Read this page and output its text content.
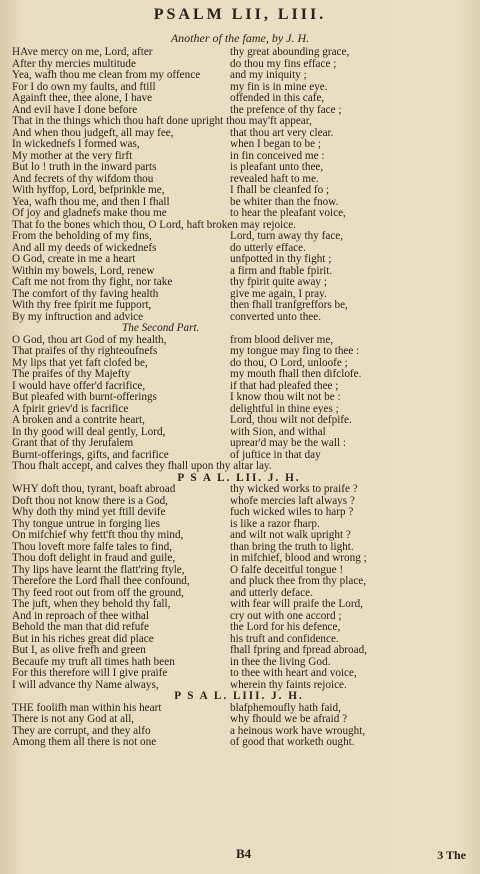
PSALM LII, LIII.
Another of the fame, by J. H.
HAve mercy on me, Lord, after	thy great abounding grace,
After thy mercies multitude	do thou my fins efface ;
Yea, wafh thou me clean from my offence	and my iniquity ;
For I do own my faults, and ftill	my fin is in mine eye.
Againft thee, thee alone, I have	offended in this cafe,
And evil have I done before	the prefence of thy face ;
That in the things which thou haft done upright thou may'ft appear,
And when thou judgeft, all may fee,	that thou art very clear.
In wickednefs I formed was,	when I began to be ;
My mother at the very firft	in fin conceived me :
But lo ! truth in the inward parts	is pleafant unto thee,
And fecrets of thy wifdom thou	revealed haft to me.
With hyffop, Lord, befprinkle me,	I fhall be cleanfed fo ;
Yea, wafh thou me, and then I fhall	be whiter than the fnow.
Of joy and gladnefs make thou me	to hear the pleafant voice,
That fo the bones which thou, O Lord, haft broken may rejoice.
From the beholding of my fins,	Lord, turn away thy face,
And all my deeds of wickednefs	do utterly efface.
O God, create in me a heart	unfpotted in thy fight ;
Within my bowels, Lord, renew	a firm and ftable fpirit.
Caft me not from thy fight, nor take	thy fpirit quite away ;
The comfort of thy faving health	give me again, I pray.
With thy free fpirit me fupport,	then fhall tranfgreffors be,
By my inftruction and advice	converted unto thee.
The Second Part.
O God, thou art God of my health,	from blood deliver me,
That praifes of thy righteoufnefs	my tongue may fing to thee :
My lips that yet faft clofed be,	do thou, O Lord, unloofe ;
The praifes of thy Majefty	my mouth fhall then difclofe.
I would have offer'd facrifice,	if that had pleafed thee ;
But pleafed with burnt-offerings	I know thou wilt not be :
A fpirit griev'd is facrifice	delightful in thine eyes ;
A broken and a contrite heart,	Lord, thou wilt not defpife.
In thy good will deal gently, Lord,	with Sion, and withal
Grant that of thy Jerufalem	uprear'd may be the wall :
Burnt-offerings, gifts, and facrifice	of juftice in that day
Thou fhalt accept, and calves they fhall upon thy altar lay.
P S A L. LII. J. H.
WHY doft thou, tyrant, boaft abroad	thy wicked works to praife ?
Doft thou not know there is a God,	whofe mercies laft always ?
Why doth thy mind yet ftill devife	fuch wicked wiles to harp ?
Thy tongue untrue in forging lies	is like a razor fharp.
On mifchief why fett'ft thou thy mind,	and wilt not walk upright ?
Thou loveft more falfe tales to find,	than bring the truth to light.
Thou doft delight in fraud and guile,	in mifchief, blood and wrong ;
Thy lips have learnt the flatt'ring ftyle,	O falfe deceitful tongue !
Therefore the Lord fhall thee confound,	and pluck thee from thy place,
Thy feed root out from off the ground,	and utterly deface.
The juft, when they behold thy fall,	with fear will praife the Lord,
And in reproach of thee withal	cry out with one accord ;
Behold the man that did refufe	the Lord for his defence,
But in his riches great did place	his truft and confidence.
But I, as olive frefh and green	fhall fpring and fpread abroad,
Becaufe my truft all times hath been	in thee the living God.
For this therefore will I give praife	to thee with heart and voice,
I will advance thy Name always,	wherein thy faints rejoice.
P S A L. LIII. J. H.
THE foolifh man within his heart	blafphemoufly hath faid,
There is not any God at all,	why fhould we be afraid ?
They are corrupt, and they alfo	a heinous work have wrought,
Among them all there is not one	of good that worketh ought.
B4	3 The
